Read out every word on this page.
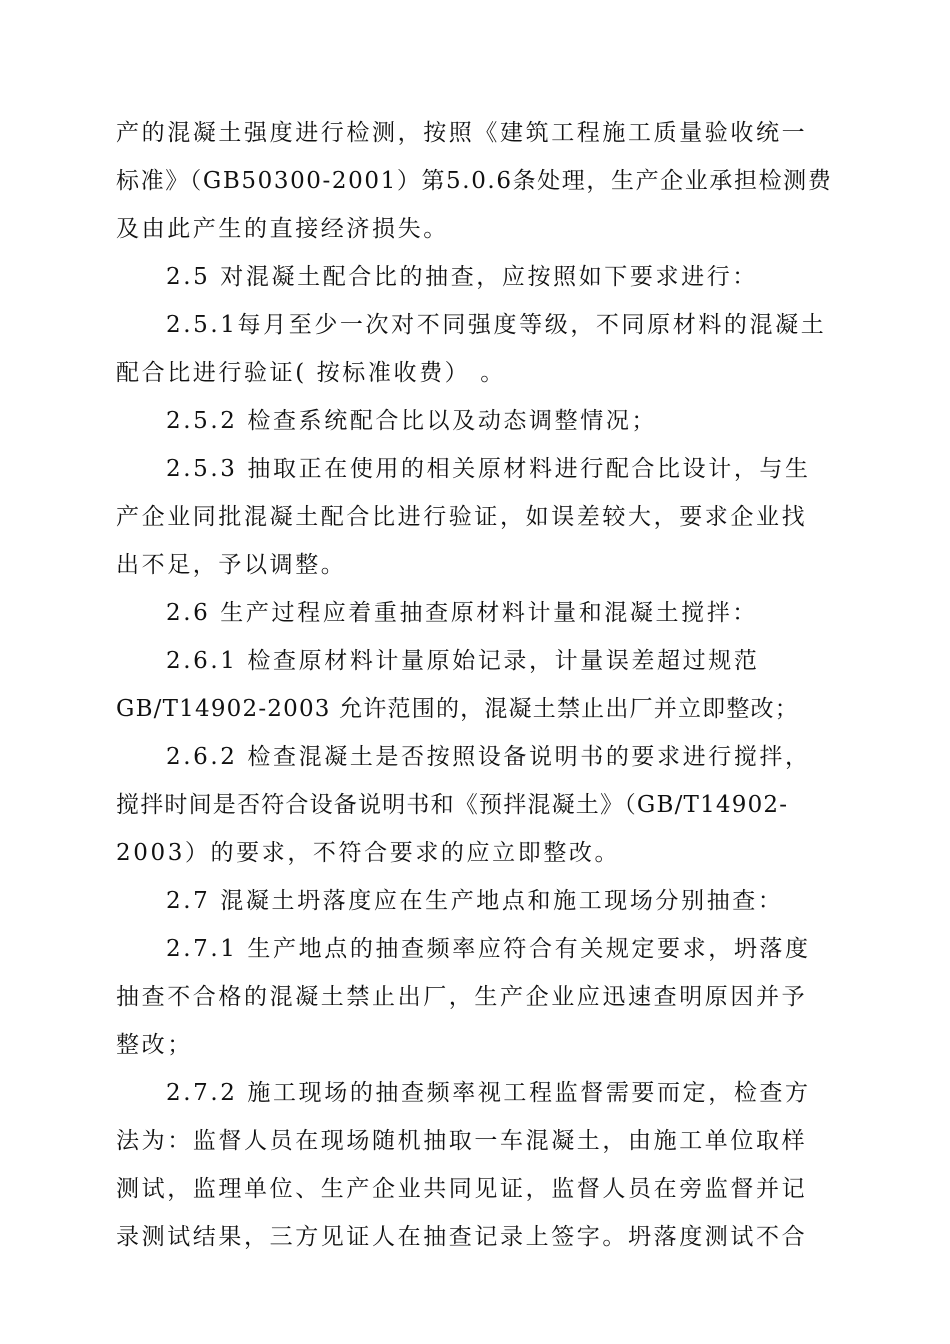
产的混凝土强度进行检测，按照《建筑工程施工质量验收统一
标准》（GB50300-2001）第5.0.6条处理，生产企业承担检测费
及由此产生的直接经济损失。
2.5 对混凝土配合比的抽查，应按照如下要求进行：
2.5.1每月至少一次对不同强度等级，不同原材料的混凝土
配合比进行验证( 按标准收费） 。
2.5.2 检查系统配合比以及动态调整情况；
2.5.3 抽取正在使用的相关原材料进行配合比设计，与生
产企业同批混凝土配合比进行验证，如误差较大，要求企业找
出不足，予以调整。
2.6 生产过程应着重抽查原材料计量和混凝土搅拌：
2.6.1 检查原材料计量原始记录，计量误差超过规范
GB/T14902-2003 允许范围的，混凝土禁止出厂并立即整改；
2.6.2 检查混凝土是否按照设备说明书的要求进行搅拌，
搅拌时间是否符合设备说明书和《预拌混凝土》（GB/T14902-
2003）的要求，不符合要求的应立即整改。
2.7 混凝土坍落度应在生产地点和施工现场分别抽查：
2.7.1 生产地点的抽查频率应符合有关规定要求，坍落度
抽查不合格的混凝土禁止出厂，生产企业应迅速查明原因并予
整改；
2.7.2 施工现场的抽查频率视工程监督需要而定，检查方
法为：监督人员在现场随机抽取一车混凝土，由施工单位取样
测试，监理单位、生产企业共同见证，监督人员在旁监督并记
录测试结果，三方见证人在抽查记录上签字。坍落度测试不合
